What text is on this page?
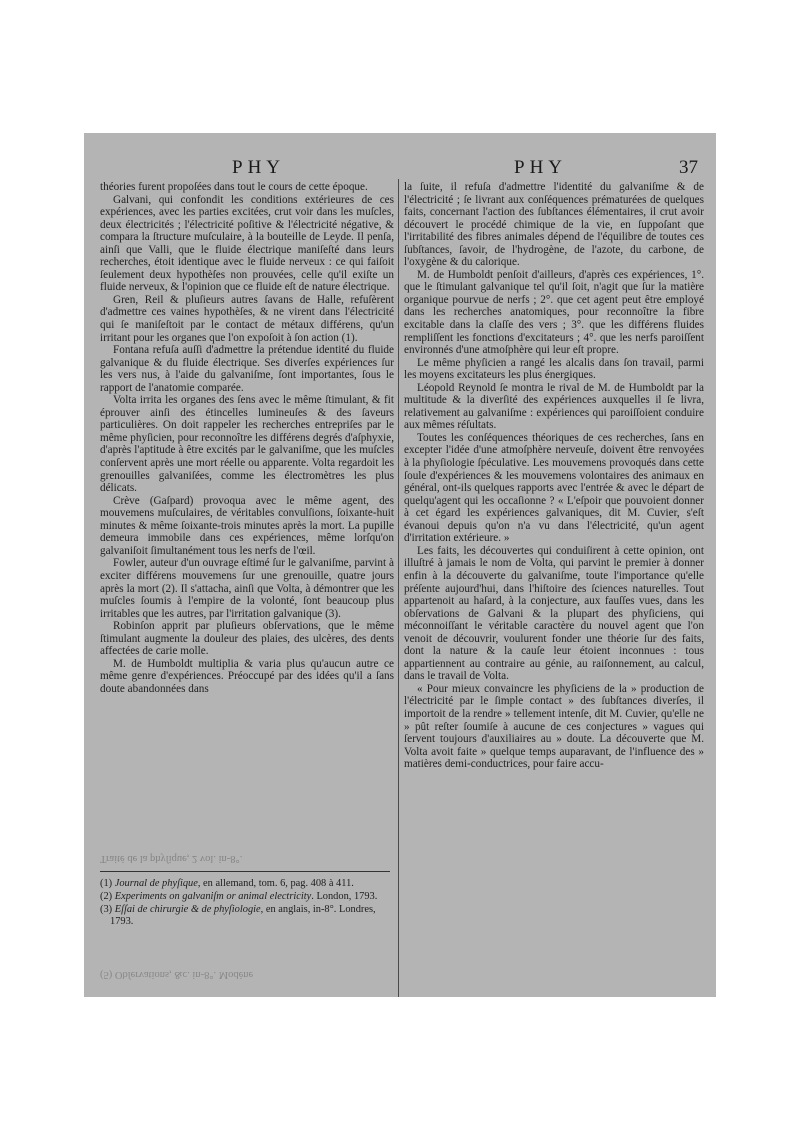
PHY	PHY	37

théories furent propoſées dans tout le cours de cette époque.

Galvani, qui confondit les conditions extérieures de ces expériences, avec les parties excitées, crut voir dans les muſcles, deux électricités ; l'électricité poſitive & l'électricité négative, & compara la ſtructure muſculaire, à la bouteille de Leyde. Il penſa, ainſi que Valli, que le fluide électrique maniſeſté dans leurs recherches, étoit identique avec le fluide nerveux : ce qui faiſoit ſeulement deux hypothèſes non prouvées, celle qu'il exiſte un fluide nerveux, & l'opinion que ce fluide eſt de nature électrique.

Gren, Reil & pluſieurs autres ſavans de Halle, refuſèrent d'admettre ces vaines hypothèſes, & ne virent dans l'électricité qui ſe maniſeſtoit par le contact de métaux différens, qu'un irritant pour les organes que l'on expoſoit à ſon action (1).

Fontana refuſa auſſi d'admettre la prétendue identité du fluide galvanique & du fluide électrique. Ses diverſes expériences ſur les vers nus, à l'aide du galvaniſme, ſont importantes, ſous le rapport de l'anatomie comparée.

Volta irrita les organes des ſens avec le même ſtimulant, & fit éprouver ainſi des étincelles lumineuſes & des ſaveurs particulières. On doit rappeler les recherches entrepriſes par le même phyſicien, pour reconnoître les différens degrés d'aſphyxie, d'après l'aptitude à être excités par le galvaniſme, que les muſcles conſervent après une mort réelle ou apparente. Volta regardoit les grenouilles galvaniſées, comme les électromètres les plus délicats.

Crève (Gaſpard) provoqua avec le même agent, des mouvemens muſculaires, de véritables convulſions, ſoixante-huit minutes & même ſoixante-trois minutes après la mort. La pupille demeura immobile dans ces expériences, même lorſqu'on galvaniſoit ſimultanément tous les nerfs de l'œil.

Fowler, auteur d'un ouvrage eſtimé ſur le galvaniſme, parvint à exciter différens mouvemens ſur une grenouille, quatre jours après la mort (2). Il s'attacha, ainſi que Volta, à démontrer que les muſcles ſoumis à l'empire de la volonté, ſont beaucoup plus irritables que les autres, par l'irritation galvanique (3).

Robinſon apprit par pluſieurs obſervations, que le même ſtimulant augmente la douleur des plaies, des ulcères, des dents affectées de carie molle.

M. de Humboldt multiplia & varia plus qu'aucun autre ce même genre d'expériences. Préoccupé par des idées qu'il a ſans doute abandonnées dans

Traité de la phyſique, 2 vol. in-8°.

(1) Journal de phyſique, en allemand, tom. 6, pag. 408 à 411.

(2) Experiments on galvaniſm or animal electricity. London, 1793.

(3) Eſſai de chirurgie & de phyſiologie, en anglais, in-8°. Londres, 1793.

(5) Obſervations, &c. in-8°. Modène

la ſuite, il refuſa d'admettre l'identité du galvaniſme & de l'électricité ; ſe livrant aux conſéquences prématurées de quelques faits, concernant l'action des ſubſtances élémentaires, il crut avoir découvert le procédé chimique de la vie, en ſuppoſant que l'irritabilité des fibres animales dépend de l'équilibre de toutes ces ſubſtances, ſavoir, de l'hydrogène, de l'azote, du carbone, de l'oxygène & du calorique.

M. de Humboldt penſoit d'ailleurs, d'après ces expériences, 1°. que le ſtimulant galvanique tel qu'il ſoit, n'agit que ſur la matière organique pourvue de nerfs ; 2°. que cet agent peut être employé dans les recherches anatomiques, pour reconnoître la fibre excitable dans la claſſe des vers ; 3°. que les différens fluides rempliſſent les fonctions d'excitateurs ; 4°. que les nerfs paroiſſent environnés d'une atmoſphère qui leur eſt propre.

Le même phyſicien a rangé les alcalis dans ſon travail, parmi les moyens excitateurs les plus énergiques.

Léopold Reynold ſe montra le rival de M. de Humboldt par la multitude & la diverſité des expériences auxquelles il ſe livra, relativement au galvaniſme : expériences qui paroiſſoient conduire aux mêmes réſultats.

Toutes les conſéquences théoriques de ces recherches, ſans en excepter l'idée d'une atmoſphère nerveuſe, doivent être renvoyées à la phyſiologie ſpéculative. Les mouvemens provoqués dans cette ſoule d'expériences & les mouvemens volontaires des animaux en général, ont-ils quelques rapports avec l'entrée & avec le départ de quelqu'agent qui les occaſionne ? « L'eſpoir que pouvoient donner à cet égard les expériences galvaniques, dit M. Cuvier, s'eſt évanoui depuis qu'on n'a vu dans l'électricité, qu'un agent d'irritation extérieure. »

Les faits, les découvertes qui conduiſirent à cette opinion, ont illuſtré à jamais le nom de Volta, qui parvint le premier à donner enfin à la découverte du galvaniſme, toute l'importance qu'elle préſente aujourd'hui, dans l'hiſtoire des ſciences naturelles. Tout appartenoit au haſard, à la conjecture, aux fauſſes vues, dans les obſervations de Galvani & la plupart des phyſiciens, qui méconnoiſſant le véritable caractère du nouvel agent que l'on venoit de découvrir, voulurent fonder une théorie ſur des faits, dont la nature & la cauſe leur étoient inconnues : tous appartiennent au contraire au génie, au raiſonnement, au calcul, dans le travail de Volta.

« Pour mieux convaincre les phyſiciens de la » production de l'électricité par le ſimple contact » des ſubſtances diverſes, il importoit de la rendre » tellement intenſe, dit M. Cuvier, qu'elle ne » pût reſter ſoumiſe à aucune de ces conjectures » vagues qui ſervent toujours d'auxiliaires au » doute. La découverte que M. Volta avoit faite » quelque temps auparavant, de l'influence des » matières demi-conductrices, pour faire accu-
